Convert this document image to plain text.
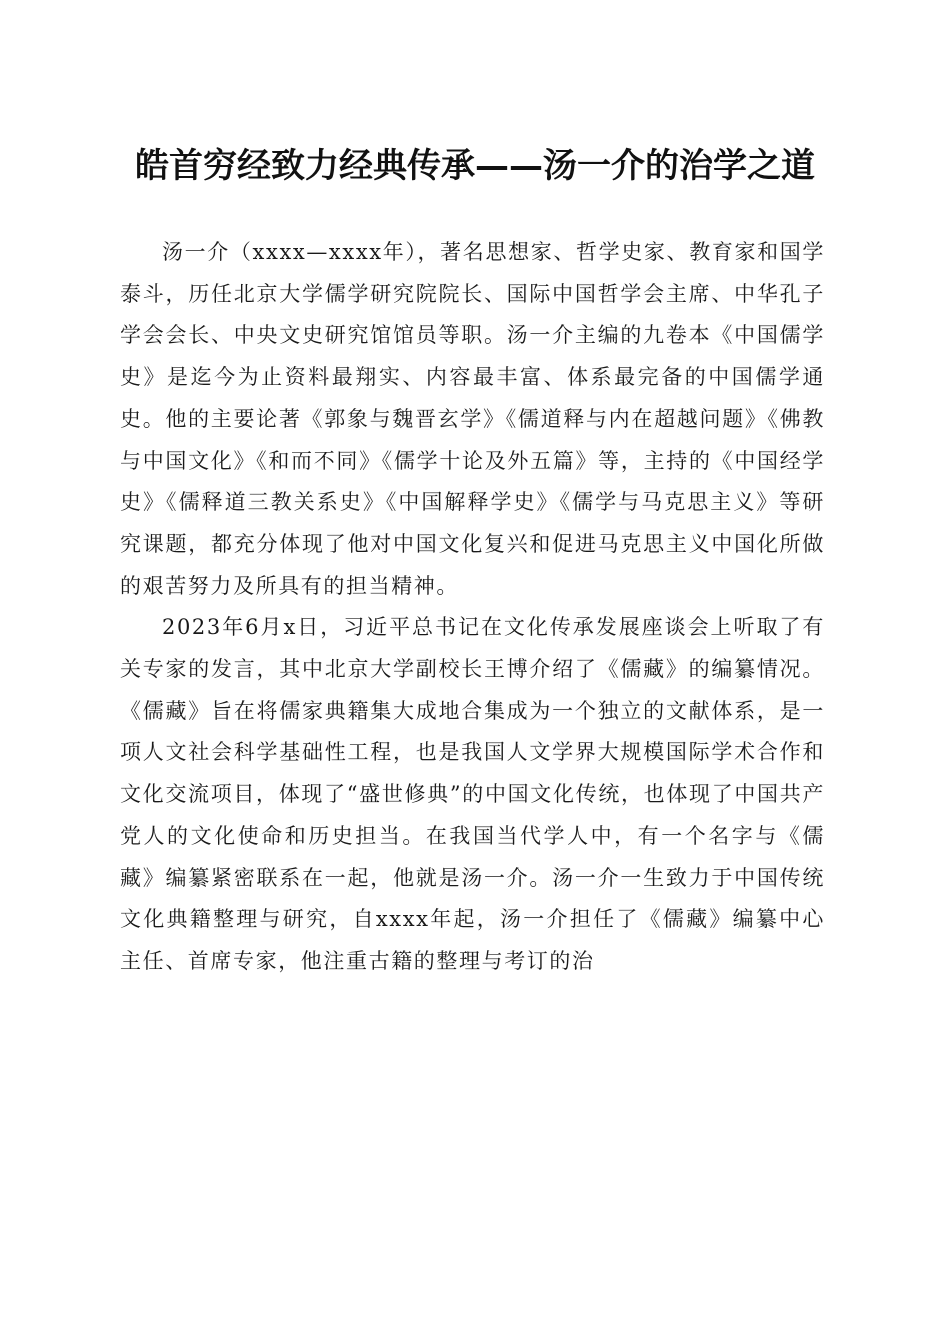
皓首穷经致力经典传承——汤一介的治学之道

汤一介（xxxx—xxxx年），著名思想家、哲学史家、教育家和国学泰斗，历任北京大学儒学研究院院长、国际中国哲学会主席、中华孔子学会会长、中央文史研究馆馆员等职。汤一介主编的九卷本《中国儒学史》是迄今为止资料最翔实、内容最丰富、体系最完备的中国儒学通史。他的主要论著《郭象与魏晋玄学》《儒道释与内在超越问题》《佛教与中国文化》《和而不同》《儒学十论及外五篇》等，主持的《中国经学史》《儒释道三教关系史》《中国解释学史》《儒学与马克思主义》等研究课题，都充分体现了他对中国文化复兴和促进马克思主义中国化所做的艰苦努力及所具有的担当精神。

2023年6月x日，习近平总书记在文化传承发展座谈会上听取了有关专家的发言，其中北京大学副校长王博介绍了《儒藏》的编纂情况。《儒藏》旨在将儒家典籍集大成地合集成为一个独立的文献体系，是一项人文社会科学基础性工程，也是我国人文学界大规模国际学术合作和文化交流项目，体现了“盛世修典”的中国文化传统，也体现了中国共产党人的文化使命和历史担当。在我国当代学人中，有一个名字与《儒藏》编纂紧密联系在一起，他就是汤一介。汤一介一生致力于中国传统文化典籍整理与研究，自xxxx年起，汤一介担任了《儒藏》编纂中心主任、首席专家，他注重古籍的整理与考订的治
